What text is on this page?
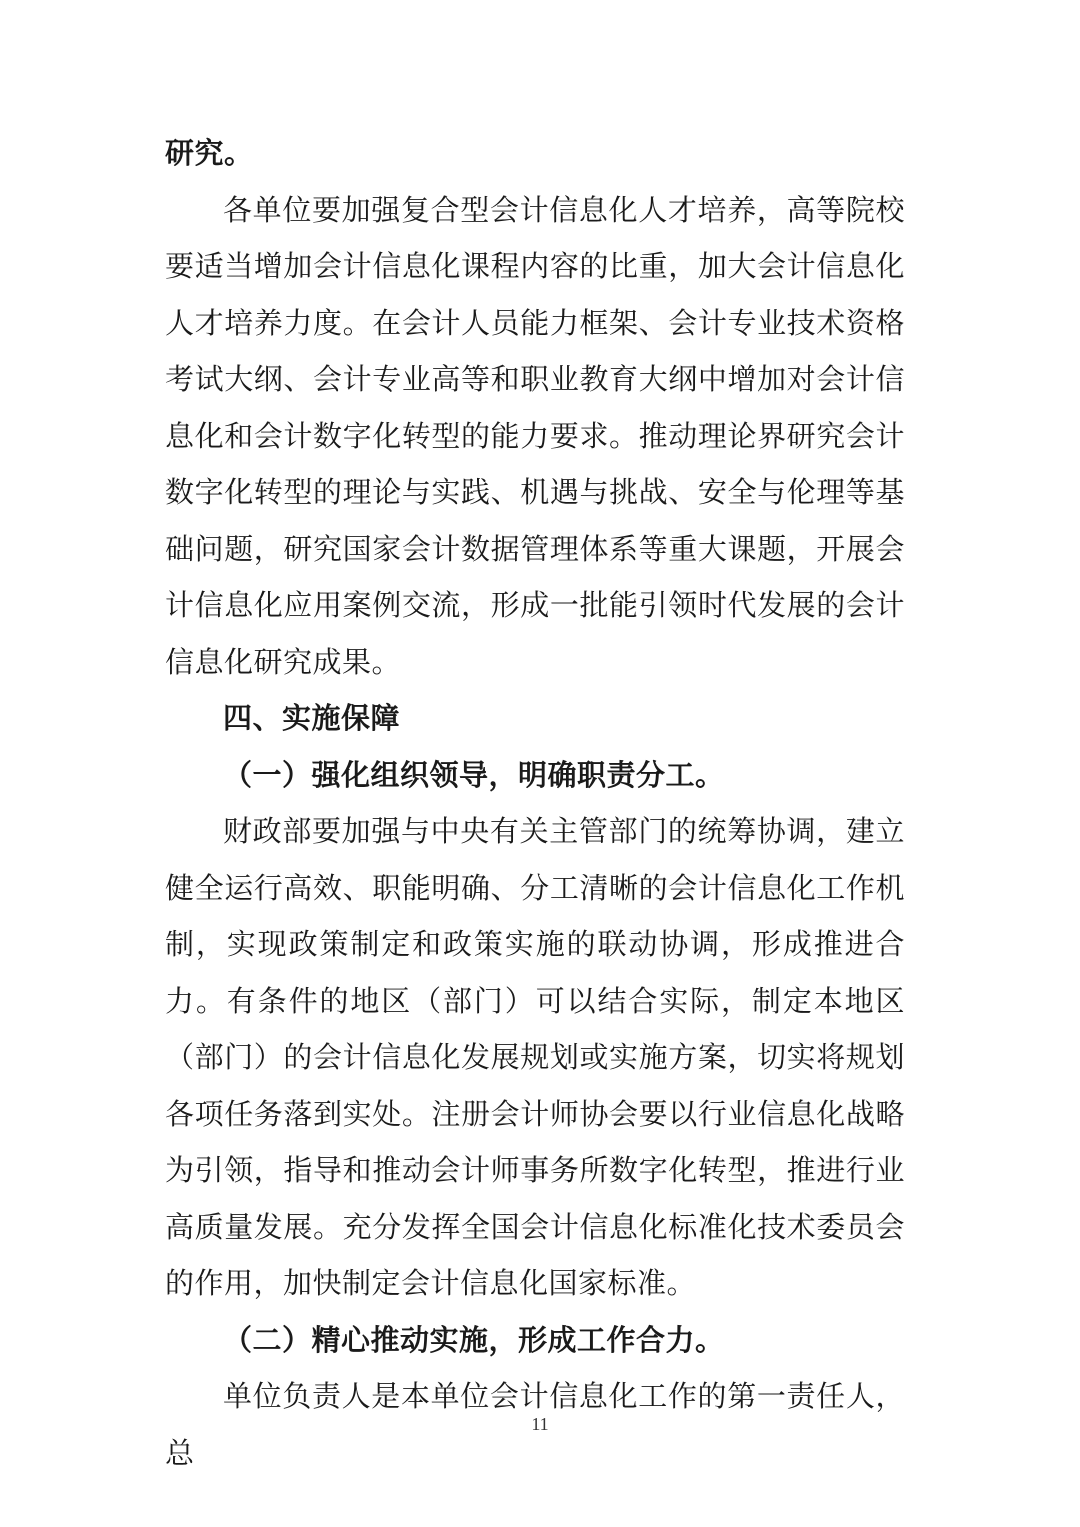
研究。

各单位要加强复合型会计信息化人才培养，高等院校要适当增加会计信息化课程内容的比重，加大会计信息化人才培养力度。在会计人员能力框架、会计专业技术资格考试大纲、会计专业高等和职业教育大纲中增加对会计信息化和会计数字化转型的能力要求。推动理论界研究会计数字化转型的理论与实践、机遇与挑战、安全与伦理等基础问题，研究国家会计数据管理体系等重大课题，开展会计信息化应用案例交流，形成一批能引领时代发展的会计信息化研究成果。

四、实施保障

（一）强化组织领导，明确职责分工。

财政部要加强与中央有关主管部门的统筹协调，建立健全运行高效、职能明确、分工清晰的会计信息化工作机制，实现政策制定和政策实施的联动协调，形成推进合力。有条件的地区（部门）可以结合实际，制定本地区（部门）的会计信息化发展规划或实施方案，切实将规划各项任务落到实处。注册会计师协会要以行业信息化战略为引领，指导和推动会计师事务所数字化转型，推进行业高质量发展。充分发挥全国会计信息化标准化技术委员会的作用，加快制定会计信息化国家标准。

（二）精心推动实施，形成工作合力。

单位负责人是本单位会计信息化工作的第一责任人，总

11
